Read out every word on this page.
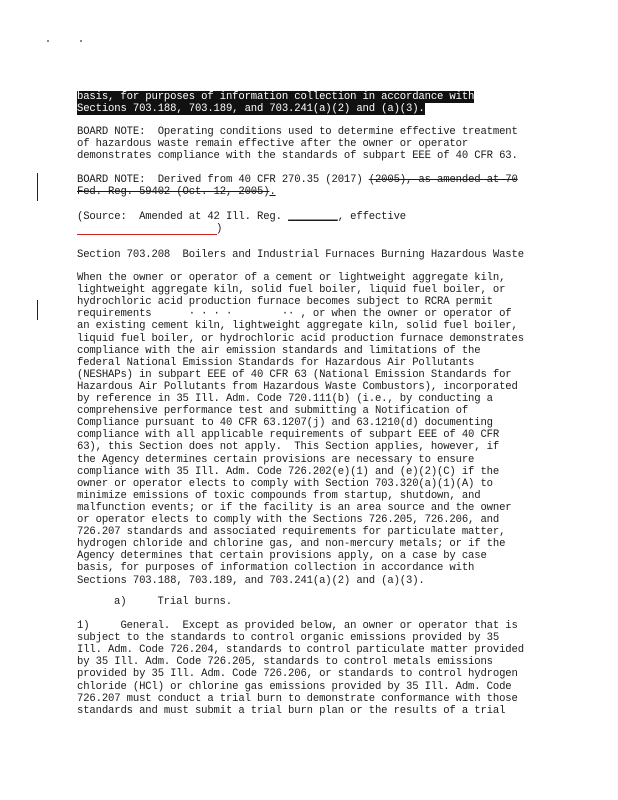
basis, for purposes of information collection in accordance with
Sections 703.188, 703.189, and 703.241(a)(2) and (a)(3).
BOARD NOTE:  Operating conditions used to determine effective treatment
of hazardous waste remain effective after the owner or operator
demonstrates compliance with the standards of subpart EEE of 40 CFR 63.
BOARD NOTE:  Derived from 40 CFR 270.35 (2017) (2005), as amended at 70
Fed. Reg. 59402 (Oct. 12, 2005).
(Source:  Amended at 42 Ill. Reg. ________, effective
)
Section 703.208  Boilers and Industrial Furnaces Burning Hazardous Waste
When the owner or operator of a cement or lightweight aggregate kiln,
lightweight aggregate kiln, solid fuel boiler, liquid fuel boiler, or
hydrochloric acid production furnace becomes subject to RCRA permit
requirements      · · · ·        ·· , or when the owner or operator of
an existing cement kiln, lightweight aggregate kiln, solid fuel boiler,
liquid fuel boiler, or hydrochloric acid production furnace demonstrates
compliance with the air emission standards and limitations of the
federal National Emission Standards for Hazardous Air Pollutants
(NESHAPs) in subpart EEE of 40 CFR 63 (National Emission Standards for
Hazardous Air Pollutants from Hazardous Waste Combustors), incorporated
by reference in 35 Ill. Adm. Code 720.111(b) (i.e., by conducting a
comprehensive performance test and submitting a Notification of
Compliance pursuant to 40 CFR 63.1207(j) and 63.1210(d) documenting
compliance with all applicable requirements of subpart EEE of 40 CFR
63), this Section does not apply.  This Section applies, however, if
the Agency determines certain provisions are necessary to ensure
compliance with 35 Ill. Adm. Code 726.202(e)(1) and (e)(2)(C) if the
owner or operator elects to comply with Section 703.320(a)(1)(A) to
minimize emissions of toxic compounds from startup, shutdown, and
malfunction events; or if the facility is an area source and the owner
or operator elects to comply with the Sections 726.205, 726.206, and
726.207 standards and associated requirements for particulate matter,
hydrogen chloride and chlorine gas, and non-mercury metals; or if the
Agency determines that certain provisions apply, on a case by case
basis, for purposes of information collection in accordance with
Sections 703.188, 703.189, and 703.241(a)(2) and (a)(3).
a)     Trial burns.
1)     General.  Except as provided below, an owner or operator that is
subject to the standards to control organic emissions provided by 35
Ill. Adm. Code 726.204, standards to control particulate matter provided
by 35 Ill. Adm. Code 726.205, standards to control metals emissions
provided by 35 Ill. Adm. Code 726.206, or standards to control hydrogen
chloride (HCl) or chlorine gas emissions provided by 35 Ill. Adm. Code
726.207 must conduct a trial burn to demonstrate conformance with those
standards and must submit a trial burn plan or the results of a trial
